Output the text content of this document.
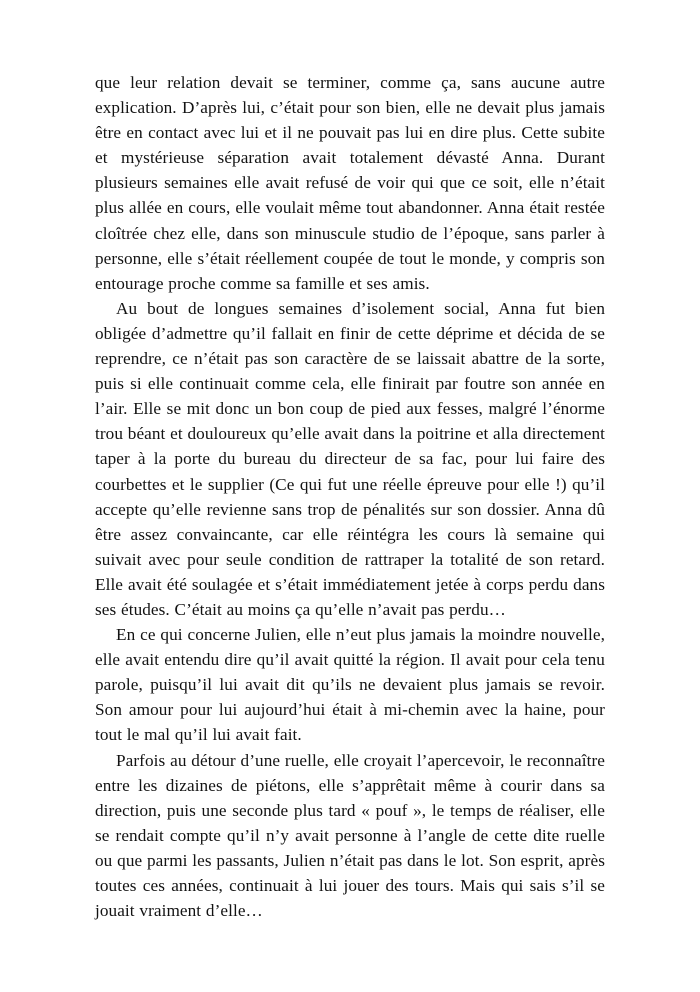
que leur relation devait se terminer, comme ça, sans aucune autre explication. D’après lui, c’était pour son bien, elle ne devait plus jamais être en contact avec lui et il ne pouvait pas lui en dire plus. Cette subite et mystérieuse séparation avait totalement dévasté Anna. Durant plusieurs semaines elle avait refusé de voir qui que ce soit, elle n’était plus allée en cours, elle voulait même tout abandonner. Anna était restée cloîtrée chez elle, dans son minuscule studio de l’époque, sans parler à personne, elle s’était réellement coupée de tout le monde, y compris son entourage proche comme sa famille et ses amis.

Au bout de longues semaines d’isolement social, Anna fut bien obligée d’admettre qu’il fallait en finir de cette déprime et décida de se reprendre, ce n’était pas son caractère de se laissait abattre de la sorte, puis si elle continuait comme cela, elle finirait par foutre son année en l’air. Elle se mit donc un bon coup de pied aux fesses, malgré l’énorme trou béant et douloureux qu’elle avait dans la poitrine et alla directement taper à la porte du bureau du directeur de sa fac, pour lui faire des courbettes et le supplier (Ce qui fut une réelle épreuve pour elle !) qu’il accepte qu’elle revienne sans trop de pénalités sur son dossier. Anna dû être assez convaincante, car elle réintégra les cours là semaine qui suivait avec pour seule condition de rattraper la totalité de son retard. Elle avait été soulagée et s’était immédiatement jetée à corps perdu dans ses études. C’était au moins ça qu’elle n’avait pas perdu…

En ce qui concerne Julien, elle n’eut plus jamais la moindre nouvelle, elle avait entendu dire qu’il avait quitté la région. Il avait pour cela tenu parole, puisqu’il lui avait dit qu’ils ne devaient plus jamais se revoir. Son amour pour lui aujourd’hui était à mi-chemin avec la haine, pour tout le mal qu’il lui avait fait.

Parfois au détour d’une ruelle, elle croyait l’apercevoir, le reconnaître entre les dizaines de piétons, elle s’apprêtait même à courir dans sa direction, puis une seconde plus tard « pouf », le temps de réaliser, elle se rendait compte qu’il n’y avait personne à l’angle de cette dite ruelle ou que parmi les passants, Julien n’était pas dans le lot. Son esprit, après toutes ces années, continuait à lui jouer des tours. Mais qui sais s’il se jouait vraiment d’elle…
